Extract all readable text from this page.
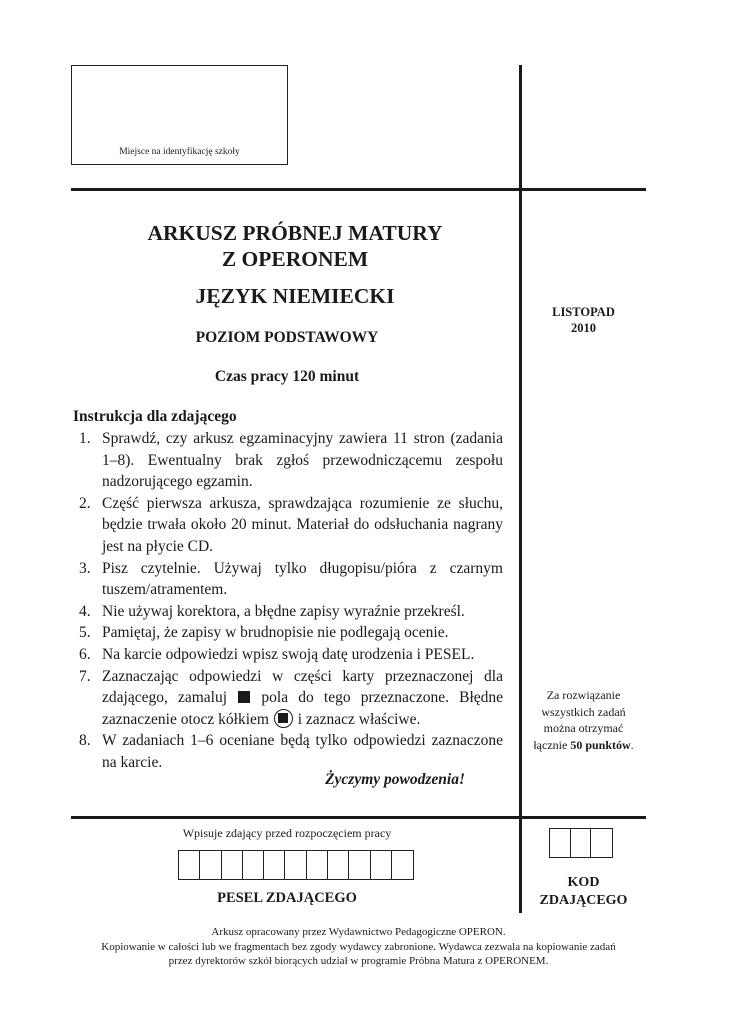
Miejsce na identyfikację szkoły
ARKUSZ PRÓBNEJ MATURY
Z OPERONEM
JĘZYK NIEMIECKI
POZIOM PODSTAWOWY
Czas pracy 120 minut
LISTOPAD
2010
Instrukcja dla zdającego
1. Sprawdź, czy arkusz egzaminacyjny zawiera 11 stron (zadania 1–8). Ewentualny brak zgłoś przewodniczącemu zespołu nadzorującego egzamin.
2. Część pierwsza arkusza, sprawdzająca rozumienie ze słuchu, będzie trwała około 20 minut. Materiał do odsłuchania nagrany jest na płycie CD.
3. Pisz czytelnie. Używaj tylko długopisu/pióra z czarnym tuszem/atramentem.
4. Nie używaj korektora, a błędne zapisy wyraźnie przekreśl.
5. Pamiętaj, że zapisy w brudnopisie nie podlegają ocenie.
6. Na karcie odpowiedzi wpisz swoją datę urodzenia i PESEL.
7. Zaznaczając odpowiedzi w części karty przeznaczonej dla zdającego, zamaluj pola do tego przeznaczone. Błędne zaznaczenie otocz kółkiem i zaznacz właściwe.
8. W zadaniach 1–6 oceniane będą tylko odpowiedzi zaznaczone na karcie.
Życzymy powodzenia!
Za rozwiązanie
wszystkich zadań
można otrzymać
łącznie 50 punktów.
Wpisuje zdający przed rozpoczęciem pracy
PESEL ZDAJĄCEGO
KOD
ZDAJĄCEGO
Arkusz opracowany przez Wydawnictwo Pedagogiczne OPERON.
Kopiowanie w całości lub we fragmentach bez zgody wydawcy zabronione. Wydawca zezwala na kopiowanie zadań
przez dyrektorów szkół biorących udział w programie Próbna Matura z OPERONEM.
